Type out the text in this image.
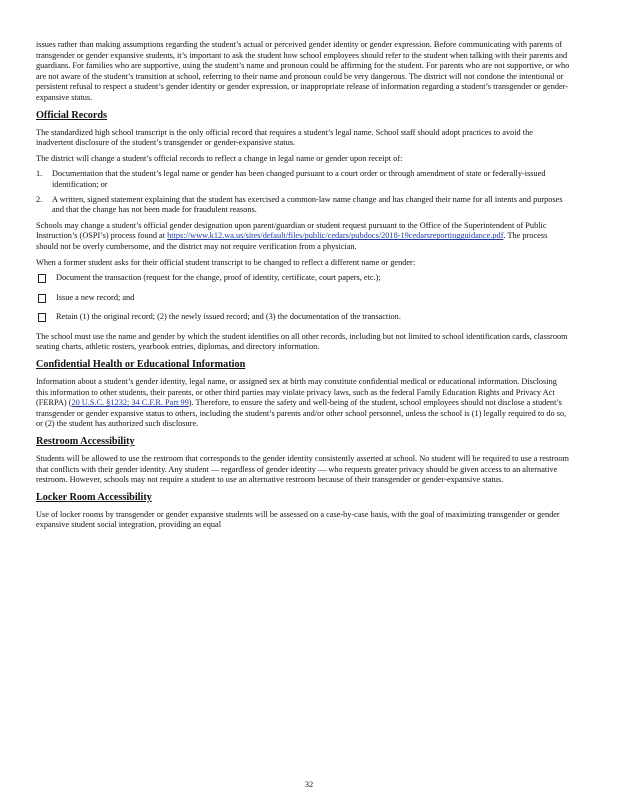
issues rather than making assumptions regarding the student’s actual or perceived gender identity or gender expression. Before communicating with parents of transgender or gender expansive students, it’s important to ask the student how school employees should refer to the student when talking with their parents and guardians. For families who are supportive, using the student’s name and pronoun could be affirming for the student. For parents who are not supportive, or who are not aware of the student’s transition at school, referring to their name and pronoun could be very dangerous. The district will not condone the intentional or persistent refusal to respect a student’s gender identity or gender expression, or inappropriate release of information regarding a student’s transgender or gender-expansive status.

Official Records

The standardized high school transcript is the only official record that requires a student’s legal name. School staff should adopt practices to avoid the inadvertent disclosure of the student’s transgender or gender-expansive status.

The district will change a student’s official records to reflect a change in legal name or gender upon receipt of:

1.	Documentation that the student’s legal name or gender has been changed pursuant to a court order or through amendment of state or federally-issued identification; or
2.	A written, signed statement explaining that the student has exercised a common-law name change and has changed their name for all intents and purposes and that the change has not been made for fraudulent reasons.

Schools may change a student’s official gender designation upon parent/guardian or student request pursuant to the Office of the Superintendent of Public Instruction’s (OSPI’s) process found at https://www.k12.wa.us/sites/default/files/public/cedars/pubdocs/2018-19cedarsreportingguidance.pdf. The process should not be overly cumbersome, and the district may not require verification from a physician.

When a former student asks for their official student transcript to be changed to reflect a different name or gender:

Document the transaction (request for the change, proof of identity, certificate, court papers, etc.);
Issue a new record; and
Retain (1) the original record; (2) the newly issued record; and (3) the documentation of the transaction.

The school must use the name and gender by which the student identifies on all other records, including but not limited to school identification cards, classroom seating charts, athletic rosters, yearbook entries, diplomas, and directory information.

Confidential Health or Educational Information

Information about a student’s gender identity, legal name, or assigned sex at birth may constitute confidential medical or educational information. Disclosing this information to other students, their parents, or other third parties may violate privacy laws, such as the federal Family Education Rights and Privacy Act (FERPA) (20 U.S.C. §1232; 34 C.F.R. Part 99). Therefore, to ensure the safety and well-being of the student, school employees should not disclose a student’s transgender or gender expansive status to others, including the student’s parents and/or other school personnel, unless the school is (1) legally required to do so, or (2) the student has authorized such disclosure.

Restroom Accessibility

Students will be allowed to use the restroom that corresponds to the gender identity consistently asserted at school. No student will be required to use a restroom that conflicts with their gender identity. Any student — regardless of gender identity — who requests greater privacy should be given access to an alternative restroom. However, schools may not require a student to use an alternative restroom because of their transgender or gender-expansive status.

Locker Room Accessibility

Use of locker rooms by transgender or gender expansive students will be assessed on a case-by-case basis, with the goal of maximizing transgender or gender expansive student social integration, providing an equal

32
